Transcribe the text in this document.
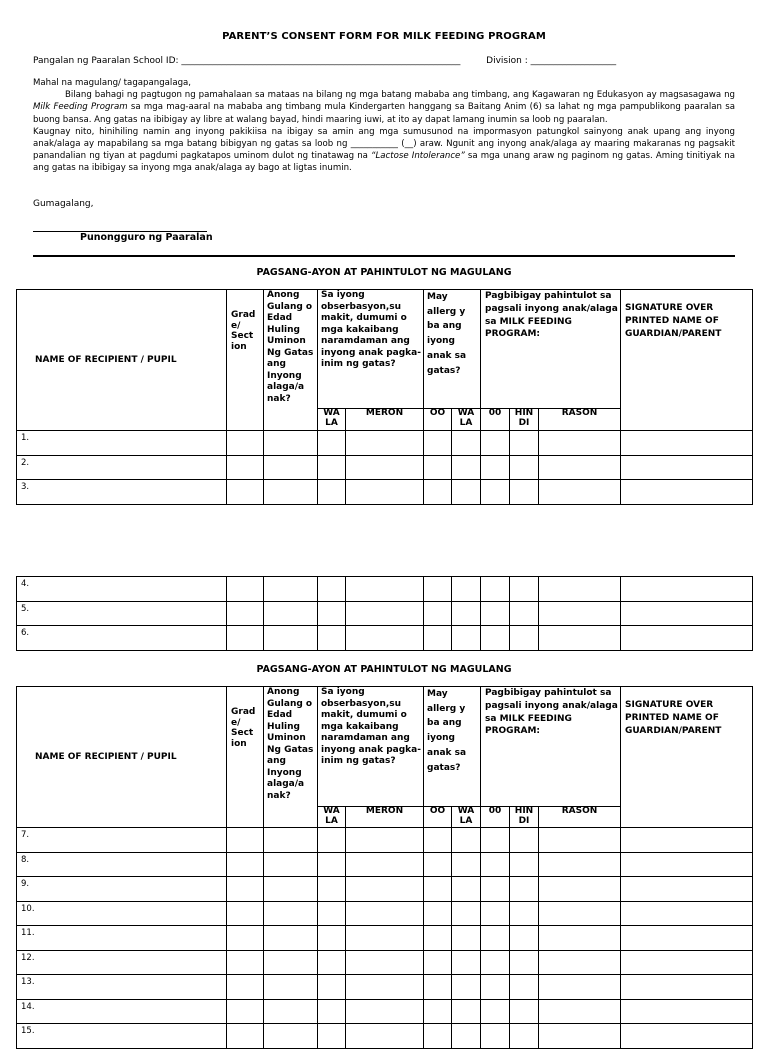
PARENT’S CONSENT FORM FOR MILK FEEDING PROGRAM
Pangalan ng Paaralan School ID: ______________________________________________________________	Division : ___________________

Mahal na magulang/ tagapangalaga,

Bilang bahagi ng pagtugon ng pamahalaan sa mataas na bilang ng mga batang mababa ang timbang, ang Kagawaran ng Edukasyon ay magsasagawa ng Milk Feeding Program sa mga mag-aaral na mababa ang timbang mula Kindergarten hanggang sa Baitang Anim (6) sa lahat ng mga pampublikong paaralan sa buong bansa. Ang gatas na ibibigay ay libre at walang bayad, hindi maaring iuwi, at ito ay dapat lamang inumin sa loob ng paaralan.

Kaugnay nito, hinihiling namin ang inyong pakikiisa na ibigay sa amin ang mga sumusunod na impormasyon patungkol sainyong anak upang ang inyong anak/alaga ay mapabilang sa mga batang bibigyan ng gatas sa loob ng ___________ (__) araw. Ngunit ang inyong anak/alaga ay maaring makaranas ng pagsakit panandalian ng tiyan at pagdumi pagkatapos uminom dulot ng tinatawag na “Lactose Intolerance” sa mga unang araw ng paginom ng gatas. Aming tinitiyak na ang gatas na ibibigay sa inyong mga anak/alaga ay bago at ligtas inumin.

Gumagalang,
Punongguro ng Paaralan
PAGSANG-AYON AT PAHINTULOT NG MAGULANG
NAME OF RECIPIENT / PUPIL	Grad e/ Sect ion	Anong Gulang o Edad Huling Uminon Ng Gatas ang Inyong alaga/a nak?	Sa iyong obserbasyon,su makit, dumumi o mga kakaibang naramdaman ang inyong anak pagka-inim ng gatas?		May allerg y ba ang iyong anak sa gatas?		Pagbibigay pahintulot sa pagsali inyong anak/alaga sa MILK FEEDING PROGRAM:			SIGNATURE OVER PRINTED NAME OF GUARDIAN/PARENT
			WA LA	MERON	OO	WA LA	00	HIN DI	RASON	
1.										
2.										
3.										
4.										
5.										
6.										
PAGSANG-AYON AT PAHINTULOT NG MAGULANG
NAME OF RECIPIENT / PUPIL	Grad e/ Sect ion	Anong Gulang o Edad Huling Uminon Ng Gatas ang Inyong alaga/a nak?	Sa iyong obserbasyon,su makit, dumumi o mga kakaibang naramdaman ang inyong anak pagka-inim ng gatas?		May allerg y ba ang iyong anak sa gatas?		Pagbibigay pahintulot sa pagsali inyong anak/alaga sa MILK FEEDING PROGRAM:			SIGNATURE OVER PRINTED NAME OF GUARDIAN/PARENT
			WA LA	MERON	OO	WA LA	00	HIN DI	RASON	
7.										
8.										
9.										
10.										
11.										
12.										
13.										
14.										
15.										
